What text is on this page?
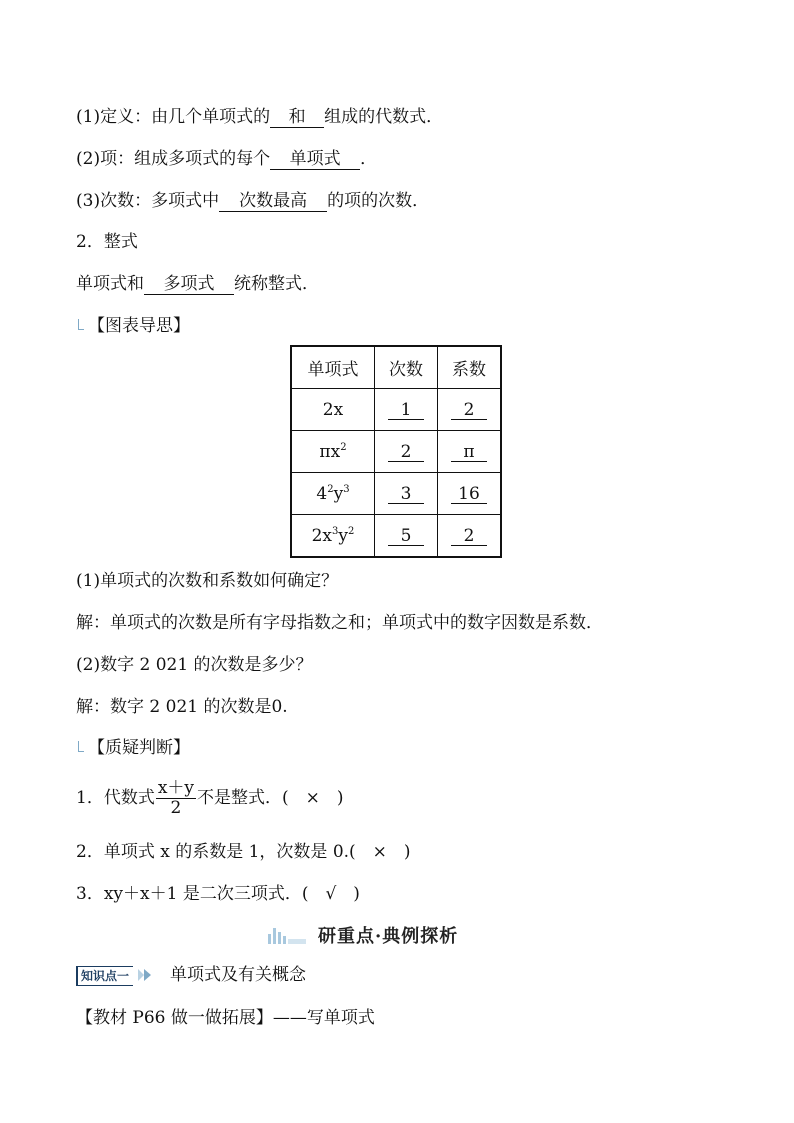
(1)定义：由几个单项式的 和 组成的代数式．
(2)项：组成多项式的每个 单项式 ．
(3)次数：多项式中 次数最高 的项的次数．
2．整式
单项式和 多项式 统称整式．
【图表导思】
单项式	次数	系数
2x	1	2
$\pi x^2$	2	π
$4^2y^3$	3	16
$2x^3y^2$	5	2
(1)单项式的次数和系数如何确定？
解：单项式的次数是所有字母指数之和；单项式中的数字因数是系数．
(2)数字 2 021 的次数是多少？
解：数字 2 021 的次数是0.
【质疑判断】
1．代数式 $\frac{x+y}{2}$ 不是整式．(　×　)
2．单项式 x 的系数是 1，次数是 0.(　×　)
3．xy＋x＋1 是二次三项式．(　√　)
研重点·典例探析
知识点一 单项式及有关概念
【教材 P66 做一做拓展】——写单项式
